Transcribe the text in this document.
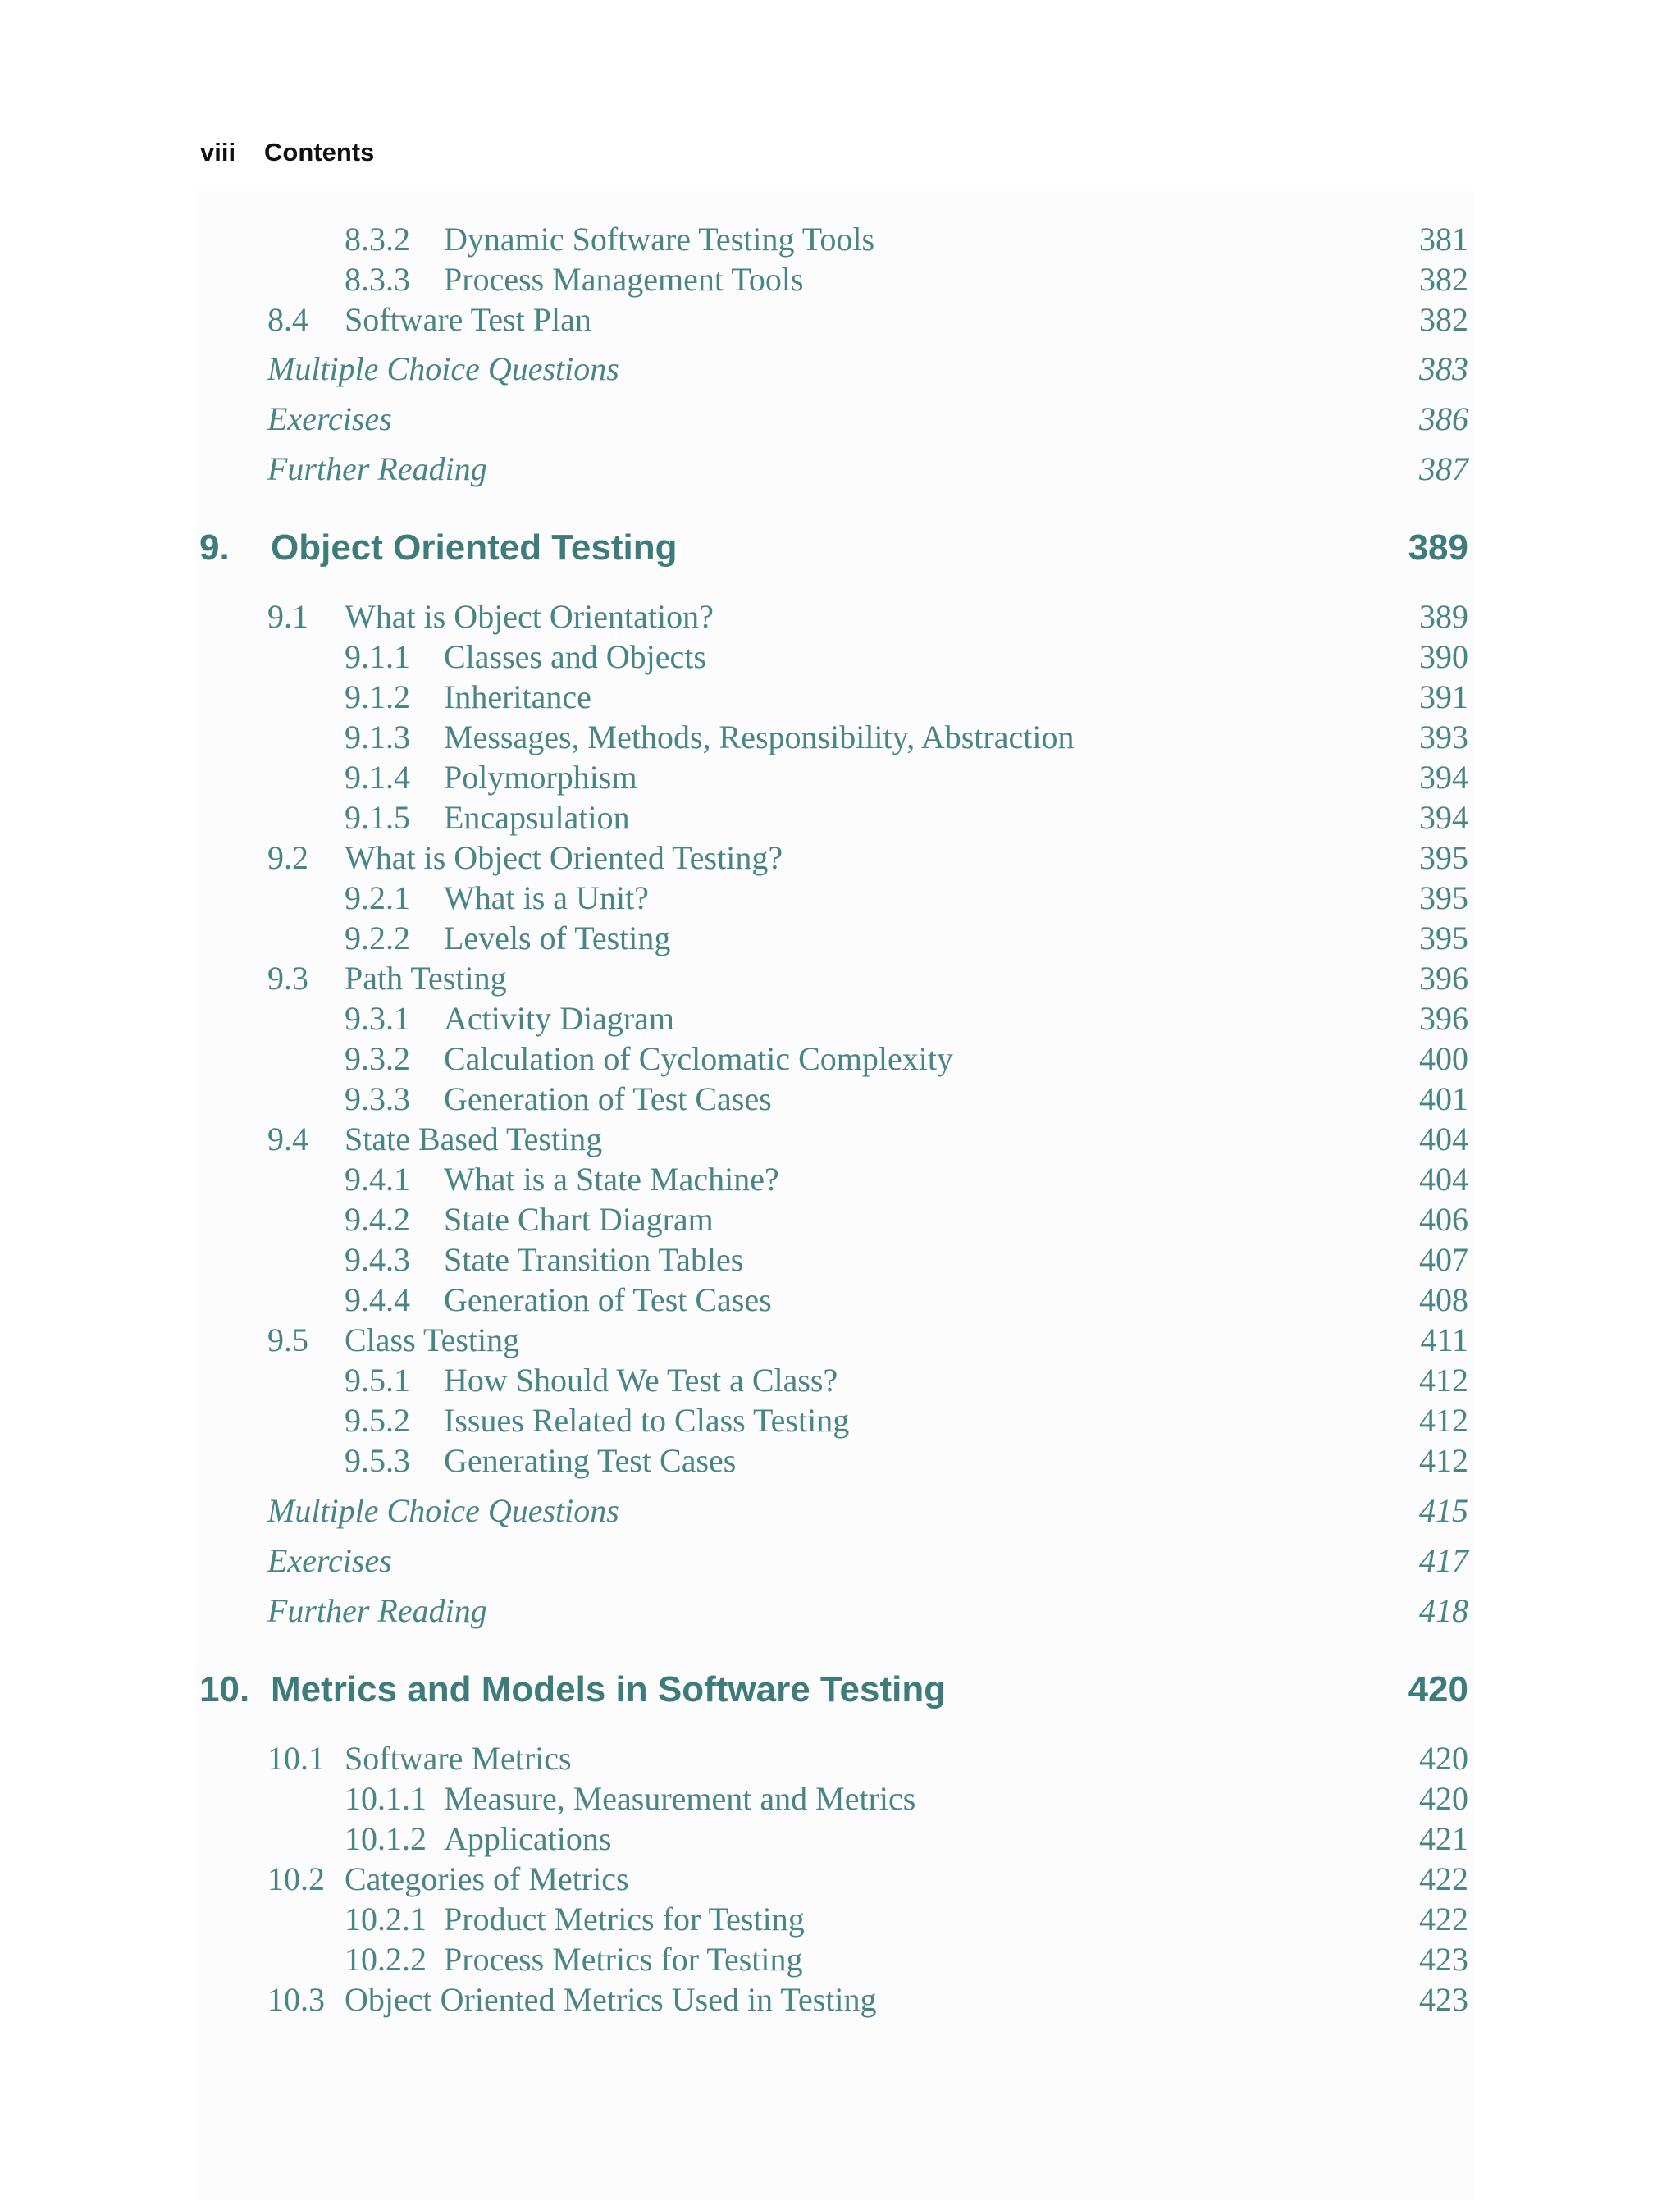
viii Contents
8.3.2 Dynamic Software Testing Tools	381
8.3.3 Process Management Tools	382
8.4 Software Test Plan	382
Multiple Choice Questions	383
Exercises	386
Further Reading	387
9. Object Oriented Testing	389
9.1 What is Object Orientation?	389
9.1.1 Classes and Objects	390
9.1.2 Inheritance	391
9.1.3 Messages, Methods, Responsibility, Abstraction	393
9.1.4 Polymorphism	394
9.1.5 Encapsulation	394
9.2 What is Object Oriented Testing?	395
9.2.1 What is a Unit?	395
9.2.2 Levels of Testing	395
9.3 Path Testing	396
9.3.1 Activity Diagram	396
9.3.2 Calculation of Cyclomatic Complexity	400
9.3.3 Generation of Test Cases	401
9.4 State Based Testing	404
9.4.1 What is a State Machine?	404
9.4.2 State Chart Diagram	406
9.4.3 State Transition Tables	407
9.4.4 Generation of Test Cases	408
9.5 Class Testing	411
9.5.1 How Should We Test a Class?	412
9.5.2 Issues Related to Class Testing	412
9.5.3 Generating Test Cases	412
Multiple Choice Questions	415
Exercises	417
Further Reading	418
10. Metrics and Models in Software Testing	420
10.1 Software Metrics	420
10.1.1 Measure, Measurement and Metrics	420
10.1.2 Applications	421
10.2 Categories of Metrics	422
10.2.1 Product Metrics for Testing	422
10.2.2 Process Metrics for Testing	423
10.3 Object Oriented Metrics Used in Testing	423
